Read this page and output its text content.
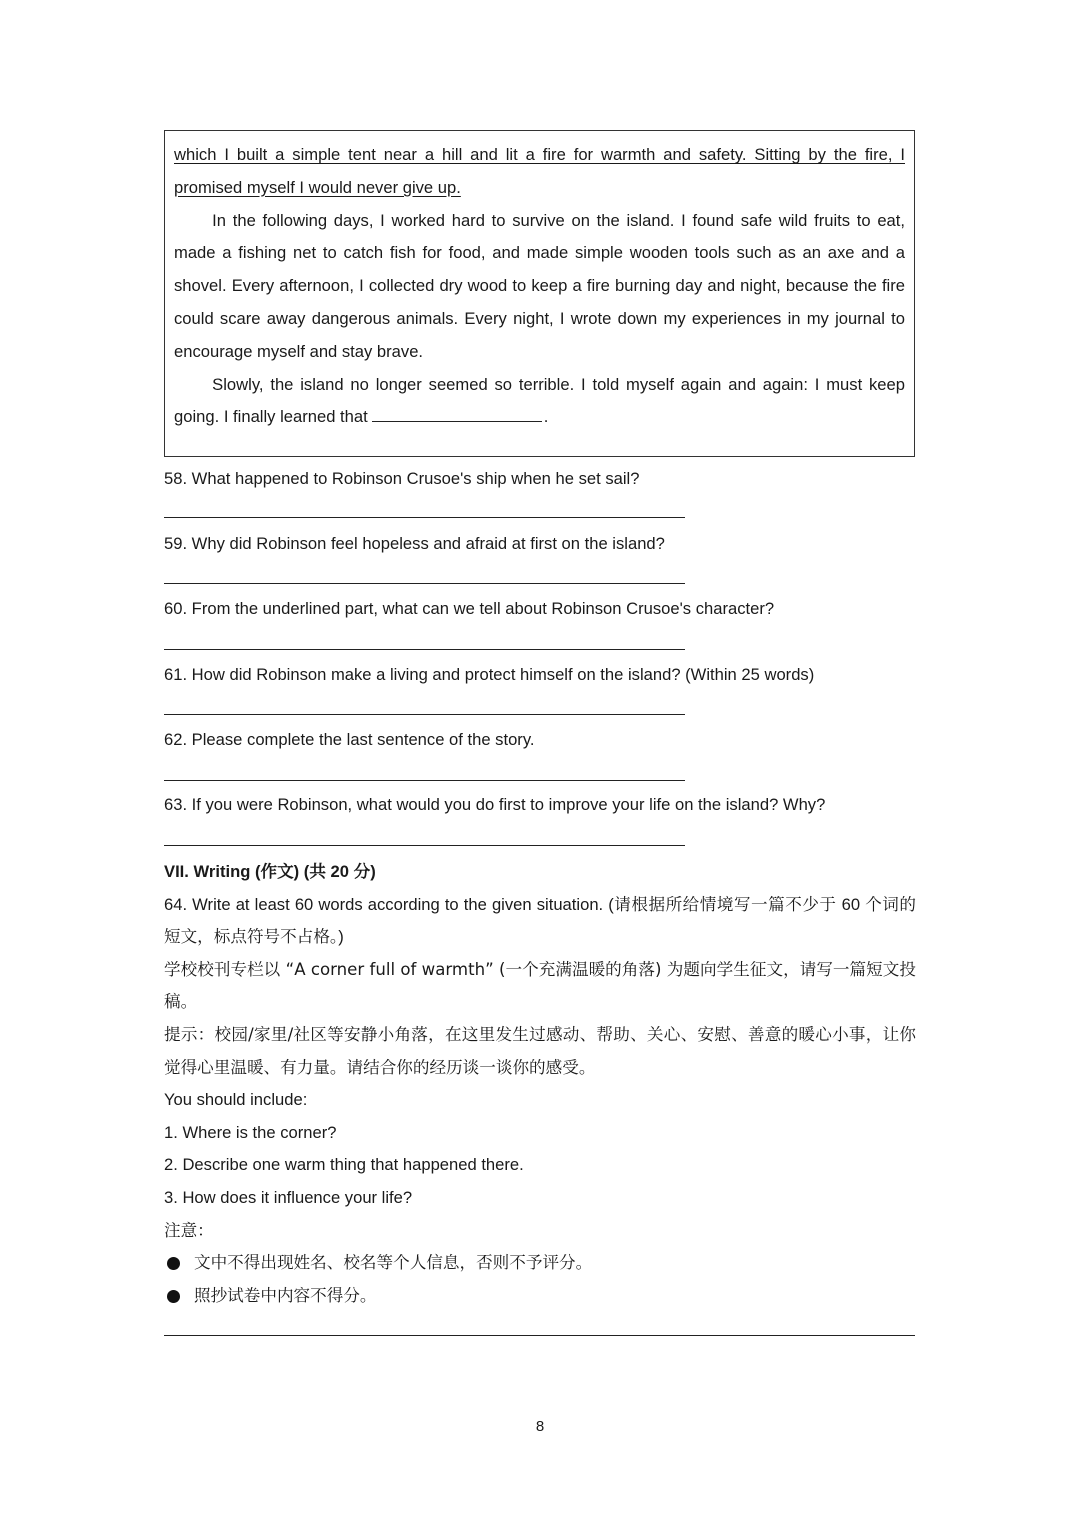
which I built a simple tent near a hill and lit a fire for warmth and safety. Sitting by the fire, I promised myself I would never give up.

In the following days, I worked hard to survive on the island. I found safe wild fruits to eat, made a fishing net to catch fish for food, and made simple wooden tools such as an axe and a shovel. Every afternoon, I collected dry wood to keep a fire burning day and night, because the fire could scare away dangerous animals. Every night, I wrote down my experiences in my journal to encourage myself and stay brave.

Slowly, the island no longer seemed so terrible. I told myself again and again: I must keep going. I finally learned that	.

58. What happened to Robinson Crusoe's ship when he set sail?
59. Why did Robinson feel hopeless and afraid at first on the island?
60. From the underlined part, what can we tell about Robinson Crusoe's character?
61. How did Robinson make a living and protect himself on the island? (Within 25 words)
62. Please complete the last sentence of the story.
63. If you were Robinson, what would you do first to improve your life on the island? Why?

VII. Writing (作文) (共 20 分)

64. Write at least 60 words according to the given situation. (请根据所给情境写一篇不少于 60 个词的短文，标点符号不占格。)

学校校刊专栏以 “A corner full of warmth” (一个充满温暖的角落) 为题向学生征文，请写一篇短文投稿。

提示：校园/家里/社区等安静小角落，在这里发生过感动、帮助、关心、安慰、善意的暖心小事，让你觉得心里温暖、有力量。请结合你的经历谈一谈你的感受。

You should include:

1. Where is the corner?

2. Describe one warm thing that happened there.

3. How does it influence your life?

注意：

文中不得出现姓名、校名等个人信息，否则不予评分。

照抄试卷中内容不得分。

8
